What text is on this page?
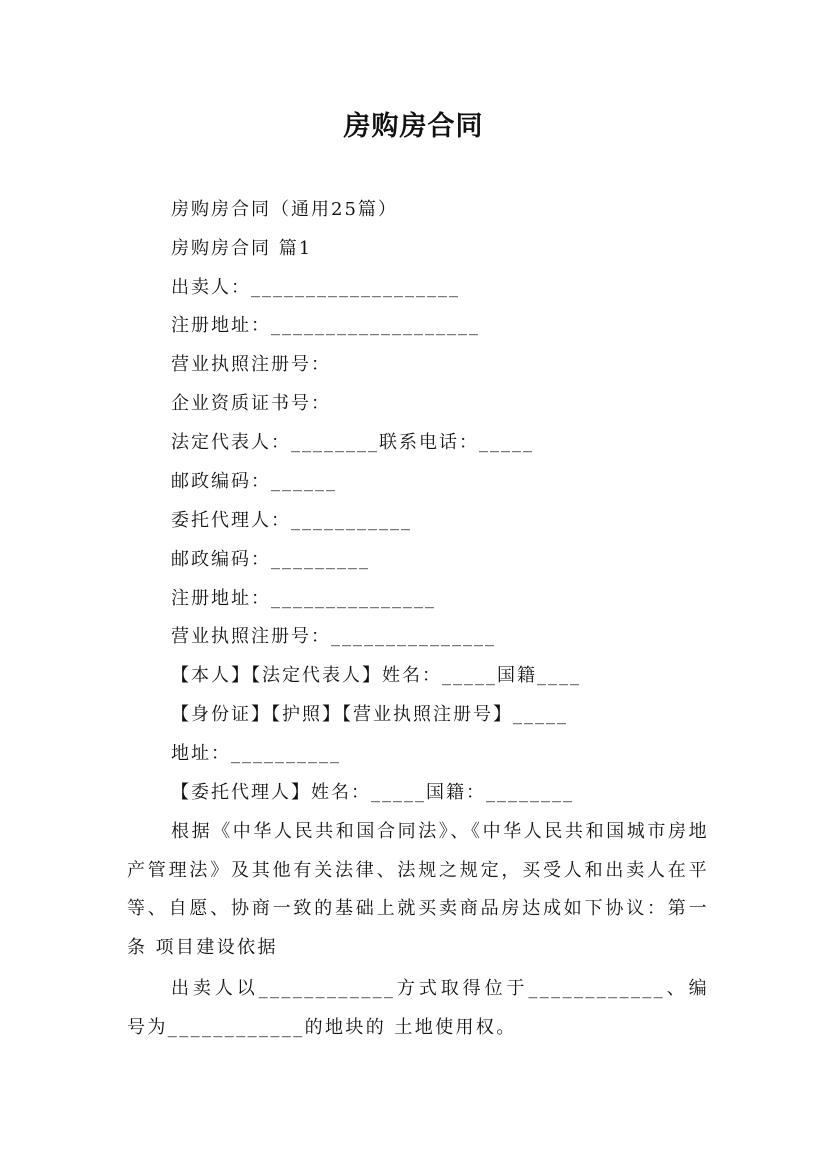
房购房合同
房购房合同（通用25篇）
房购房合同 篇1
出卖人：___________________
注册地址：___________________
营业执照注册号：
企业资质证书号：
法定代表人：________联系电话：_____
邮政编码：______
委托代理人：___________
邮政编码：_________
注册地址：_______________
营业执照注册号：_______________
【本人】【法定代表人】姓名：_____国籍____
【身份证】【护照】【营业执照注册号】_____
地址：__________
【委托代理人】姓名：_____国籍：________
根据《中华人民共和国合同法》、《中华人民共和国城市房地产管理法》及其他有关法律、法规之规定，买受人和出卖人在平等、自愿、协商一致的基础上就买卖商品房达成如下协议：第一条 项目建设依据
出卖人以____________方式取得位于____________、编号为____________的地块的 土地使用权。
